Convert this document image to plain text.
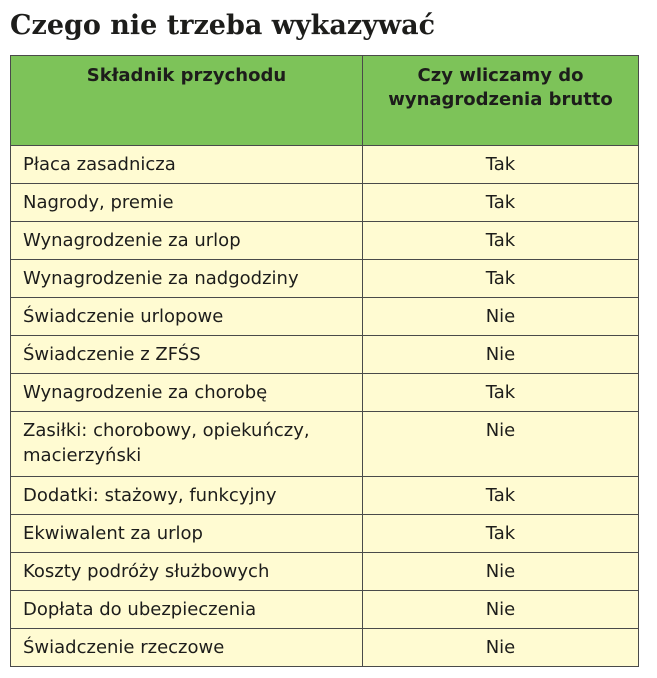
Czego nie trzeba wykazywać
Składnik przychodu	Czy wliczamy do wynagrodzenia brutto

Płaca zasadnicza	Tak
Nagrody, premie	Tak
Wynagrodzenie za urlop	Tak
Wynagrodzenie za nadgodziny	Tak
Świadczenie urlopowe	Nie
Świadczenie z ZFŚS	Nie
Wynagrodzenie za chorobę	Tak

Zasiłki: chorobowy, opiekuńczy, macierzyński	Nie

Dodatki: stażowy, funkcyjny	Tak
Ekwiwalent za urlop	Tak
Koszty podróży służbowych	Nie
Dopłata do ubezpieczenia	Nie
Świadczenie rzeczowe	Nie
